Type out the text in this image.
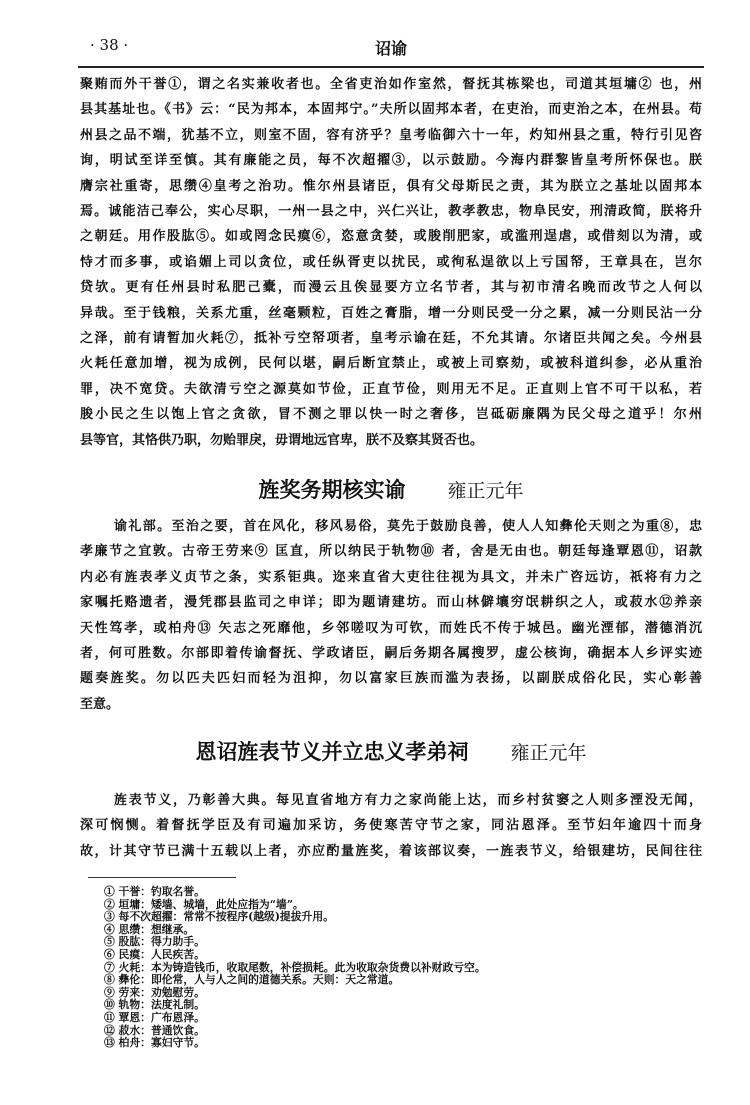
· 38 ·	诏谕
聚贿而外干誉①，谓之名实兼收者也。全省吏治如作室然，督抚其栋梁也，司道其垣墉② 也，州
县其基址也。《书》云：“民为邦本，本固邦宁。”夫所以固邦本者，在吏治，而吏治之本，在州县。苟
州县之品不端，犹基不立，则室不固，容有济乎？皇考临御六十一年，灼知州县之重，特行引见咨
询，明试至详至慎。其有廉能之员，每不次超擢③，以示鼓励。今海内群黎皆皇考所怀保也。朕
膺宗社重寄，思缵④皇考之治功。惟尔州县诸臣，俱有父母斯民之责，其为朕立之基址以固邦本
焉。诚能洁己奉公，实心尽职，一州一县之中，兴仁兴让，教孝教忠，物阜民安，刑清政简，朕将升
之朝廷。用作股肱⑤。如或罔念民瘼⑥，恣意贪婪，或朘削肥家，或滥刑逞虐，或借刻以为清，或
恃才而多事，或谄媚上司以贪位，或任纵胥吏以扰民，或徇私逞欲以上亏国帑，王章具在，岂尔
贷欤。更有任州县时私肥己橐，而漫云且俟显要方立名节者，其与初市清名晚而改节之人何以
异哉。至于钱粮，关系尤重，丝毫颗粒，百姓之膏脂，增一分则民受一分之累，减一分则民沾一分
之泽，前有请暂加火耗⑦，抵补亏空帑项者，皇考示谕在廷，不允其请。尔诸臣共闻之矣。今州县
火耗任意加增，视为成例，民何以堪，嗣后断宜禁止，或被上司察劾，或被科道纠参，必从重治
罪，决不宽贷。夫欲清亏空之源莫如节俭，正直节俭，则用无不足。正直则上官不可干以私，若
朘小民之生以饱上官之贪欲，冒不测之罪以快一时之奢侈，岂砥砺廉隅为民父母之道乎！尔州
县等官，其恪供乃职，勿贻罪戾，毋谓地远官卑，朕不及察其贤否也。
旌奖务期核实谕 雍正元年
谕礼部。至治之要，首在风化，移风易俗，莫先于鼓励良善，使人人知彝伦天则之为重⑧，忠
孝廉节之宜敦。古帝王劳来⑨ 匡直，所以纳民于轨物⑩ 者，舍是无由也。朝廷每逢覃恩⑪，诏款
内必有旌表孝义贞节之条，实系钜典。迩来直省大吏往往视为具文，并未广咨远访，祇将有力之
家嘱托赂遗者，漫凭郡县监司之申详；即为题请建坊。而山林僻壤穷氓耕织之人，或菽水⑫养亲
天性笃孝，或柏舟⑬ 矢志之死靡他，乡邻嗟叹为可钦，而姓氏不传于城邑。幽光湮郁，潜德消沉
者，何可胜数。尔部即着传谕督抚、学政诸臣，嗣后务期各属搜罗，虚公核询，确据本人乡评实迹
题奏旌奖。勿以匹夫匹妇而轻为沮抑，勿以富家巨族而滥为表扬，以副朕成俗化民，实心彰善
至意。
恩诏旌表节义并立忠义孝弟祠 雍正元年
旌表节义，乃彰善大典。每见直省地方有力之家尚能上达，而乡村贫窭之人则多湮没无闻，
深可悯恻。着督抚学臣及有司遍加采访，务使寒苦守节之家，同沾恩泽。至节妇年逾四十而身
故，计其守节已满十五载以上者，亦应酌量旌奖，着该部议奏，一旌表节义，给银建坊，民间往往
① 干誉：钓取名誉。
② 垣墉：矮墙、城墙，此处应指为“墙”。
③ 每不次超擢：常常不按程序(越级)提拔升用。
④ 思缵：想继承。
⑤ 股肱：得力助手。
⑥ 民瘼：人民疾苦。
⑦ 火耗：本为铸造钱币，收取尾数，补偿损耗。此为收取杂货费以补财政亏空。
⑧ 彝伦：即伦常，人与人之间的道德关系。天则：天之常道。
⑨ 劳来：劝勉慰劳。
⑩ 轨物：法度礼制。
⑪ 覃恩：广布恩泽。
⑫ 菽水：普通饮食。
⑬ 柏舟：寡妇守节。
